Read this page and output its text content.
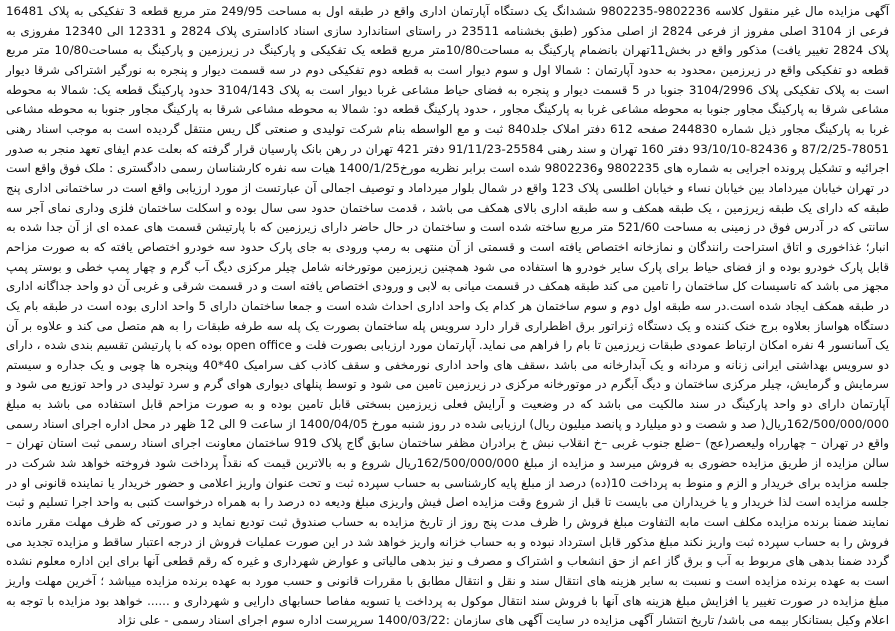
آگهی مزایده مال غیر منقول کلاسه 9802236-9802235 ششدانگ یک دستگاه آپارتمان اداری واقع در طبقه اول به مساحت 249/95 متر مربع قطعه 3 تفکیکی به پلاک 16481 فرعی از 3104 اصلی مفروز از فرعی 2824 از اصلی مذکور (طبق بخشنامه 23511 در راستای استاندارد سازی اسناد کاداستری پلاک 2824 و 12331 الی 12340 مفروزی به پلاک 2824 تغییر یافت) مذکور واقع در بخش11تهران بانضمام پارکینگ به مساحت10/80متر مربع قطعه یک تفکیکی و پارکینگ در زیرزمین و پارکینگ به مساحت10/80 متر مربع قطعه دو تفکیکی واقع در زیرزمین ،محدود به حدود آپارتمان : شمالا اول و سوم دیوار است به قطعه دوم تفکیکی دوم در سه قسمت دیوار و پنجره به نورگیر اشتراکی شرقا دیوار است به پلاک تفکیکی پلاک 3104/2996 جنوبا در 5 قسمت دیوار و پنجره به فضای حیاط مشاعی غربا دیوار است به پلاک 3104/143 حدود پارکینگ قطعه یک: شمالا به محوطه مشاعی شرقا به پارکینگ مجاور جنوبا به محوطه مشاعی غربا به پارکینگ مجاور ، حدود پارکینگ قطعه دو: شمالا به محوطه مشاعی شرقا به پارکینگ مجاور جنوبا به محوطه مشاعی غربا به پارکینگ مجاور ذیل شماره 244830 صفحه 612 دفتر املاک جلد840 ثبت و مع الواسطه بنام شرکت تولیدی و صنعتی گل ریس منتقل گردیده است به موجب اسناد رهنی 78051-87/2/25 و 82436-93/10/10 دفتر 160 تهران و سند رهنی 25584-91/11/23 دفتر 421 تهران در رهن بانک پارسیان قرار گرفته که بعلت عدم ایفای تعهد منجر به صدور اجرائیه و تشکیل پرونده اجرایی به شماره های 9802235 و9802236 شده است برابر نظریه مورخ1400/1/25 هیات سه نفره کارشناسان رسمی دادگستری : ملک فوق واقع است در تهران خیابان میرداماد بین خیابان نساء و خیابان اطلسی پلاک 123 واقع در شمال بلوار میرداماد و توصیف اجمالی آن عبارتست از مورد ارزیابی واقع است در ساختمانی اداری پنج طبقه که دارای یک طبقه زیرزمین ، یک طبقه همکف و سه طبقه اداری بالای همکف می باشد ، قدمت ساختمان حدود سی سال بوده و اسکلت ساختمان فلزی وداری نمای آجر سه سانتی که در آدرس فوق در زمینی به مساحت 521/60 متر مربع ساخته شده است و ساختمان در حال حاضر دارای زیرزمین که با پارتیشن قسمت های عمده ای از آن جدا شده به انبار؛ غذاخوری و اتاق استراحت رانندگان و نمازخانه اختصاص یافته است و قسمتی از آن منتهی به رمپ ورودی به جای پارک حدود سه خودرو اختصاص یافته که به صورت مزاحم قابل پارک خودرو بوده و از فضای حیاط برای پارک سایر خودرو ها استفاده می شود همچنین زیرزمین موتورخانه شامل چیلر مرکزی دیگ آب گرم و چهار پمپ خطی و بوستر پمپ مجهز می باشد که تاسیسات کل ساختمان را تامین می کند طبقه همکف در قسمت میانی به لابی و ورودی اختصاص یافته است و در قسمت شرقی و غربی آن دو واحد جداگانه اداری در طبقه همکف ایجاد شده است.در سه طبقه اول دوم و سوم ساختمان هر کدام یک واحد اداری احداث شده است و جمعا ساختمان دارای 5 واحد اداری بوده است در طبقه بام یک دستگاه هواساز بعلاوه برج خنک کننده و یک دستگاه ژنراتور برق اظطراری قرار دارد سرویس پله ساختمان بصورت یک پله سه طرفه طبقات را به هم متصل می کند و علاوه بر آن یک آسانسور 4 نفره امکان ارتباط عمودی طبقات زیرزمین تا بام را فراهم می نماید. آپارتمان مورد ارزیابی بصورت فلت و open office بوده که با پارتیشن تقسیم بندی شده ، دارای دو سرویس بهداشتی ایرانی زنانه و مردانه و یک آبدارخانه می باشد ،سقف های واحد اداری نورمخفی و سقف کاذب کف سرامیک 40*40 وپنجره ها چوبی و یک جداره و سیستم سرمایش و گرمایش، چیلر مرکزی ساختمان و دیگ آبگرم در موتورخانه مرکزی در زیرزمین تامین می شود و توسط پنلهای دیواری هوای گرم و سرد تولیدی در واحد توزیع می شود و آپارتمان دارای دو واحد پارکینگ در سند مالکیت می باشد که در وضعیت و آرایش فعلی زیرزمین بسختی قابل تامین بوده و به صورت مزاحم قابل استفاده می باشد به مبلغ 162/500/000/000ریال( صد و شصت و دو میلیارد و پانصد میلیون ریال) ارزیابی شده در روز شنبه مورخ 1400/04/05 از ساعت 9 الی 12 ظهر در محل اداره اجرای اسناد رسمی واقع در تهران – چهارراه ولیعصر(عج) –ضلع جنوب غربی –خ انقلاب نبش خ برادران مظفر ساختمان سابق گاج پلاک 919 ساختمان معاونت اجرای اسناد رسمی ثبت استان تهران – سالن مزایده از طریق مزایده حضوری به فروش میرسد و مزایده از مبلغ 162/500/000/000ریال شروع و به بالاترین قیمت که نقداً پرداخت شود فروخته خواهد شد شرکت در جلسه مزایده برای خریدار و الزم و منوط به پرداخت 10(ده) درصد از مبلغ پایه کارشناسی به حساب سپرده ثبت و تحت عنوان واریز اعلامی و حضور خریدار یا نماینده قانونی او در جلسه مزایده است لذا خریدار و یا خریداران می بایست تا قبل از شروع وقت مزایده اصل فیش واریزی مبلغ ودیعه ده درصد را به همراه درخواست کتبی به واحد اجرا تسلیم و ثبت نمایند ضمنا برنده مزایده مکلف است مابه التفاوت مبلغ فروش را ظرف مدت پنج روز از تاریخ مزایده به حساب صندوق ثبت تودیع نماید و در صورتی که ظرف مهلت مقرر مانده فروش را به حساب سپرده ثبت واریز نکند مبلغ مذکور قابل استرداد نبوده و به حساب خزانه واریز خواهد شد در این صورت عملیات فروش از درجه اعتبار ساقط و مزایده تجدید می گردد ضمنا بدهی های مربوط به آب و برق گاز اعم از حق انشعاب و اشتراک و مصرف و نیز بدهی مالیاتی و عوارض شهرداری و غیره که رقم قطعی آنها برای این اداره معلوم نشده است به عهده برنده مزایده است و نسبت به سایر هزینه های انتقال سند و نقل و انتقال مطابق با مقررات قانونی و حسب مورد به عهده برنده مزایده میباشد ؛ آخرین مهلت واریز مبلغ مزایده در صورت تغییر یا افزایش مبلغ هزینه های آنها با فروش سند انتقال موکول به پرداخت یا تسویه مفاصا حسابهای دارایی و شهرداری و ...... خواهد بود مزایده با توجه به اعلام وکیل بستانکار بیمه می باشد/ تاریخ انتشار آگهی مزایده در سایت آگهی های سازمان :1400/03/22 سرپرست اداره سوم اجرای اسناد رسمی - علی نژاد
